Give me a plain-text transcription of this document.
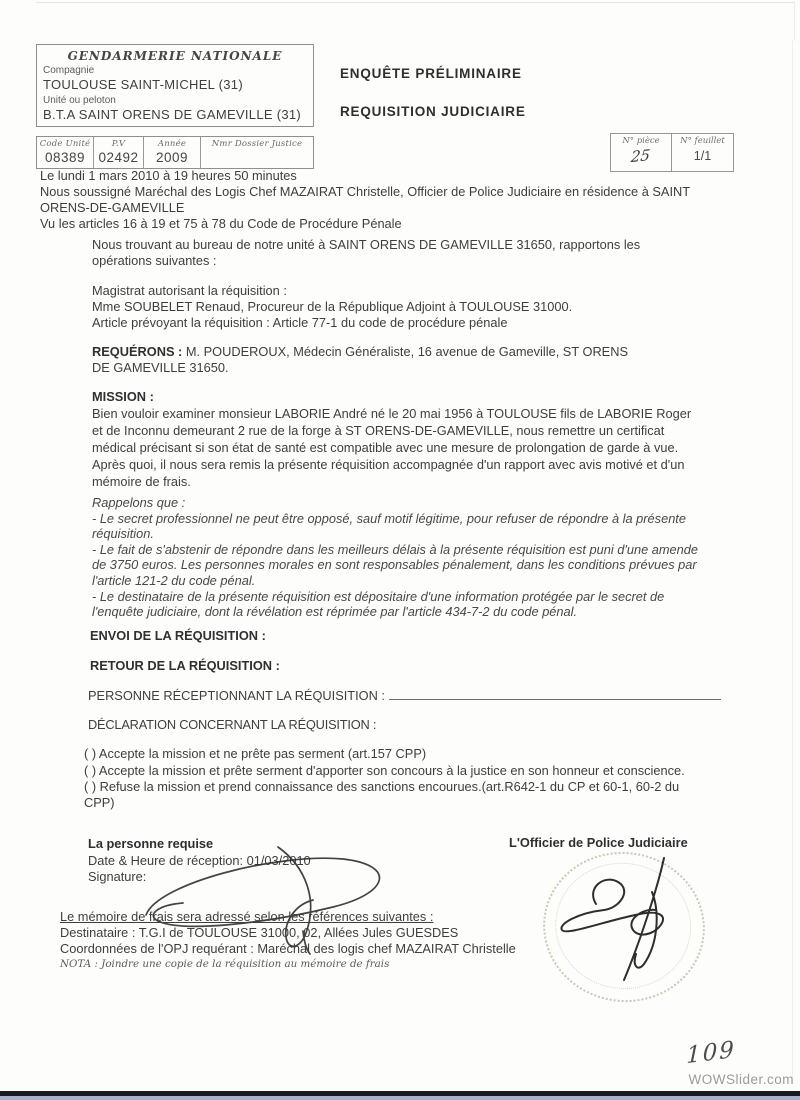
GENDARMERIE NATIONALE
Compagnie
TOULOUSE SAINT-MICHEL (31)
Unité ou peloton
B.T.A SAINT ORENS DE GAMEVILLE (31)
Code Unité
08389
P.V
02492
Année
2009
Nmr Dossier Justice
ENQUÊTE PRÉLIMINAIRE
REQUISITION JUDICIAIRE
N° pièce
25
N° feuillet
1/1
Le lundi 1 mars 2010 à 19 heures 50 minutes
Nous soussigné Maréchal des Logis Chef MAZAIRAT Christelle, Officier de Police Judiciaire en résidence à SAINT ORENS-DE-GAMEVILLE
Vu les articles 16 à 19 et 75 à 78 du Code de Procédure Pénale
Nous trouvant au bureau de notre unité à SAINT ORENS DE GAMEVILLE 31650, rapportons les opérations suivantes :
Magistrat autorisant la réquisition :
Mme SOUBELET Renaud, Procureur de la République Adjoint à TOULOUSE 31000.
Article prévoyant la réquisition : Article 77-1 du code de procédure pénale
REQUÉRONS : M. POUDEROUX, Médecin Généraliste, 16 avenue de Gameville, ST ORENS DE GAMEVILLE 31650.
MISSION :
Bien vouloir examiner monsieur LABORIE André né le 20 mai 1956 à TOULOUSE fils de LABORIE Roger et de Inconnu demeurant 2 rue de la forge à ST ORENS-DE-GAMEVILLE, nous remettre un certificat médical précisant si son état de santé est compatible avec une mesure de prolongation de garde à vue. Après quoi, il nous sera remis la présente réquisition accompagnée d'un rapport avec avis motivé et d'un mémoire de frais.
Rappelons que :
- Le secret professionnel ne peut être opposé, sauf motif légitime, pour refuser de répondre à la présente réquisition.
- Le fait de s'abstenir de répondre dans les meilleurs délais à la présente réquisition est puni d'une amende de 3750 euros. Les personnes morales en sont responsables pénalement, dans les conditions prévues par l'article 121-2 du code pénal.
- Le destinataire de la présente réquisition est dépositaire d'une information protégée par le secret de l'enquête judiciaire, dont la révélation est réprimée par l'article 434-7-2 du code pénal.
ENVOI DE LA RÉQUISITION :
RETOUR DE LA RÉQUISITION :
PERSONNE RÉCEPTIONNANT LA RÉQUISITION :
DÉCLARATION CONCERNANT LA RÉQUISITION :
( ) Accepte la mission et ne prête pas serment (art.157 CPP)
( ) Accepte la mission et prête serment d'apporter son concours à la justice en son honneur et conscience.
( ) Refuse la mission et prend connaissance des sanctions encourues.(art.R642-1 du CP et 60-1, 60-2 du CPP)
La personne requise
Date & Heure de réception: 01/03/2010
Signature:
L'Officier de Police Judiciaire
Le mémoire de frais sera adressé selon les références suivantes :
Destinataire : T.G.I de TOULOUSE 31000, 02, Allées Jules GUESDES
Coordonnées de l'OPJ requérant : Maréchal des logis chef MAZAIRAT Christelle
NOTA : Joindre une copie de la réquisition au mémoire de frais
109
WOWSlider.com
